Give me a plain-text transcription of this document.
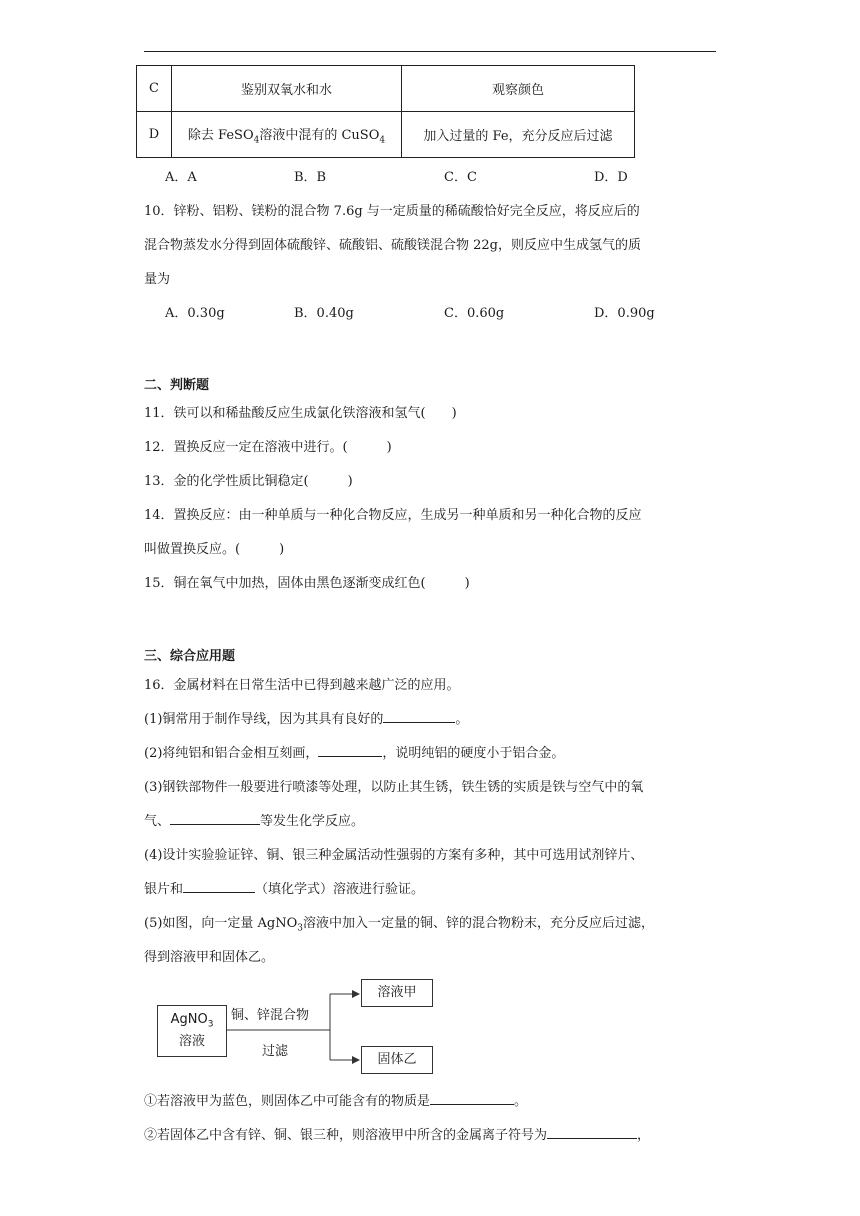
C	鉴别双氧水和水	观察颜色
D	除去 FeSO$_4$溶液中混有的 CuSO$_4$	加入过量的 Fe，充分反应后过滤
A．A	B．B	C．C	D．D
10．锌粉、铝粉、镁粉的混合物 7.6g 与一定质量的稀硫酸恰好完全反应，将反应后的
混合物蒸发水分得到固体硫酸锌、硫酸铝、硫酸镁混合物 22g，则反应中生成氢气的质
量为
A．0.30g	B．0.40g	C．0.60g	D．0.90g
二、判断题
11．铁可以和稀盐酸反应生成氯化铁溶液和氢气(　　)
12．置换反应一定在溶液中进行。(　　　)
13．金的化学性质比铜稳定(　　　)
14．置换反应：由一种单质与一种化合物反应，生成另一种单质和另一种化合物的反应
叫做置换反应。(　　　)
15．铜在氧气中加热，固体由黑色逐渐变成红色(　　　)
三、综合应用题
16．金属材料在日常生活中已得到越来越广泛的应用。
(1)铜常用于制作导线，因为其具有良好的	。
(2)将纯铝和铝合金相互刻画，	，说明纯铝的硬度小于铝合金。
(3)钢铁部物件一般要进行喷漆等处理，以防止其生锈，铁生锈的实质是铁与空气中的氧
气、	等发生化学反应。
(4)设计实验验证锌、铜、银三种金属活动性强弱的方案有多种，其中可选用试剂锌片、
银片和	（填化学式）溶液进行验证。
(5)如图，向一定量 AgNO$_3$溶液中加入一定量的铜、锌的混合物粉末，充分反应后过滤，
得到溶液甲和固体乙。
AgNO$_3$
溶液
铜、锌混合物
过滤
溶液甲
固体乙
①若溶液甲为蓝色，则固体乙中可能含有的物质是	。
②若固体乙中含有锌、铜、银三种，则溶液甲中所含的金属离子符号为	，
